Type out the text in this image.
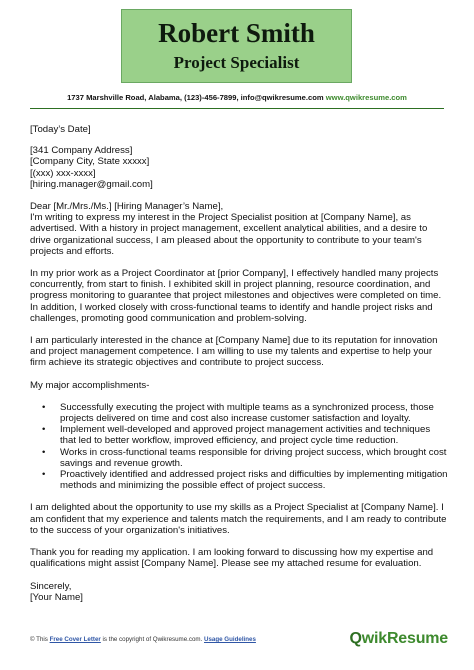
Robert Smith
Project Specialist
1737 Marshville Road, Alabama, (123)-456-7899, info@qwikresume.com www.qwikresume.com

[Today’s Date]

[341 Company Address]

[Company City, State xxxxx]

[(xxx) xxx-xxxx]

[hiring.manager@gmail.com]

Dear [Mr./Mrs./Ms.] [Hiring Manager’s Name],

I'm writing to express my interest in the Project Specialist position at [Company Name], as advertised. With a history in project management, excellent analytical abilities, and a desire to drive organizational success, I am pleased about the opportunity to contribute to your team's projects and efforts.

In my prior work as a Project Coordinator at [prior Company], I effectively handled many projects concurrently, from start to finish. I exhibited skill in project planning, resource coordination, and progress monitoring to guarantee that project milestones and objectives were completed on time. In addition, I worked closely with cross-functional teams to identify and handle project risks and challenges, promoting good communication and problem-solving.

I am particularly interested in the chance at [Company Name] due to its reputation for innovation and project management competence. I am willing to use my talents and expertise to help your firm achieve its strategic objectives and contribute to project success.

My major accomplishments-

• Successfully executing the project with multiple teams as a synchronized process, those projects delivered on time and cost also increase customer satisfaction and loyalty.
• Implement well-developed and approved project management activities and techniques that led to better workflow, improved efficiency, and project cycle time reduction.
• Works in cross-functional teams responsible for driving project success, which brought cost savings and revenue growth.
• Proactively identified and addressed project risks and difficulties by implementing mitigation methods and minimizing the possible effect of project success.

I am delighted about the opportunity to use my skills as a Project Specialist at [Company Name]. I am confident that my experience and talents match the requirements, and I am ready to contribute to the success of your organization's initiatives.

Thank you for reading my application. I am looking forward to discussing how my expertise and qualifications might assist [Company Name]. Please see my attached resume for evaluation.

Sincerely,

[Your Name]

© This Free Cover Letter is the copyright of Qwikresume.com. Usage Guidelines	QwikResume
